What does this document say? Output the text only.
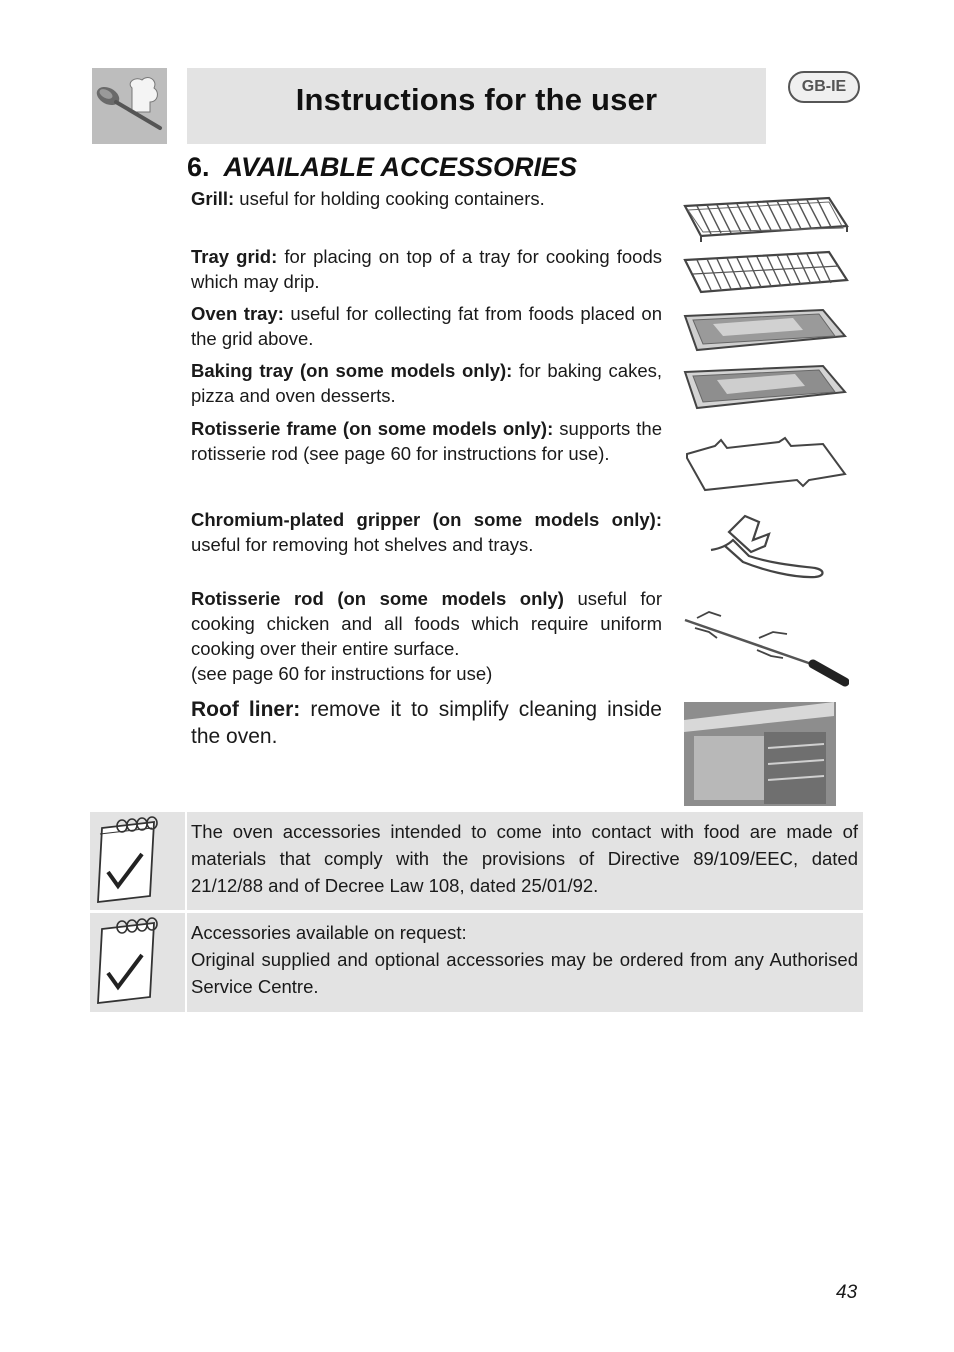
Instructions for the user	GB-IE
6. AVAILABLE ACCESSORIES
Grill: useful for holding cooking containers.
Tray grid: for placing on top of a tray for cooking foods which may drip.
Oven tray: useful for collecting fat from foods placed on the grid above.
Baking tray (on some models only): for baking cakes, pizza and oven desserts.
Rotisserie frame (on some models only): supports the rotisserie rod (see page 60 for instructions for use).
Chromium-plated gripper (on some models only): useful for removing hot shelves and trays.
Rotisserie rod (on some models only) useful for cooking chicken and all foods which require uniform cooking over their entire surface.
(see page 60 for instructions for use)
Roof liner: remove it to simplify cleaning inside the oven.
The oven accessories intended to come into contact with food are made of materials that comply with the provisions of Directive 89/109/EEC, dated 21/12/88 and of Decree Law 108, dated 25/01/92.
Accessories available on request:
Original supplied and optional accessories may be ordered from any Authorised Service Centre.
43
